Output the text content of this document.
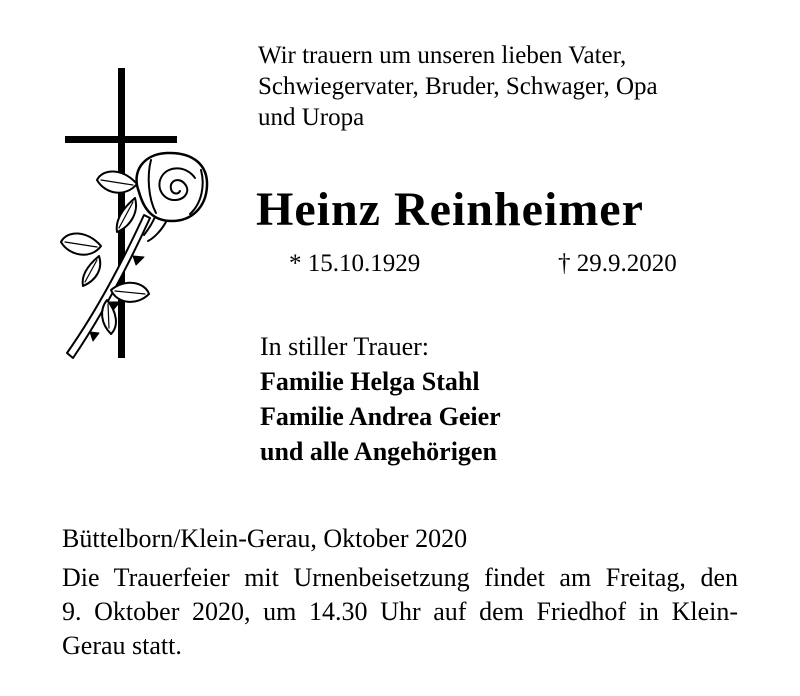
Wir trauern um unseren lieben Vater,
Schwiegervater, Bruder, Schwager, Opa
und Uropa
Heinz Reinheimer
* 15.10.1929	† 29.9.2020
In stiller Trauer:
Familie Helga Stahl
Familie Andrea Geier
und alle Angehörigen
Büttelborn/Klein-Gerau, Oktober 2020
Die Trauerfeier mit Urnenbeisetzung findet am Freitag, den
9. Oktober 2020, um 14.30 Uhr auf dem Friedhof in Klein-
Gerau statt.
